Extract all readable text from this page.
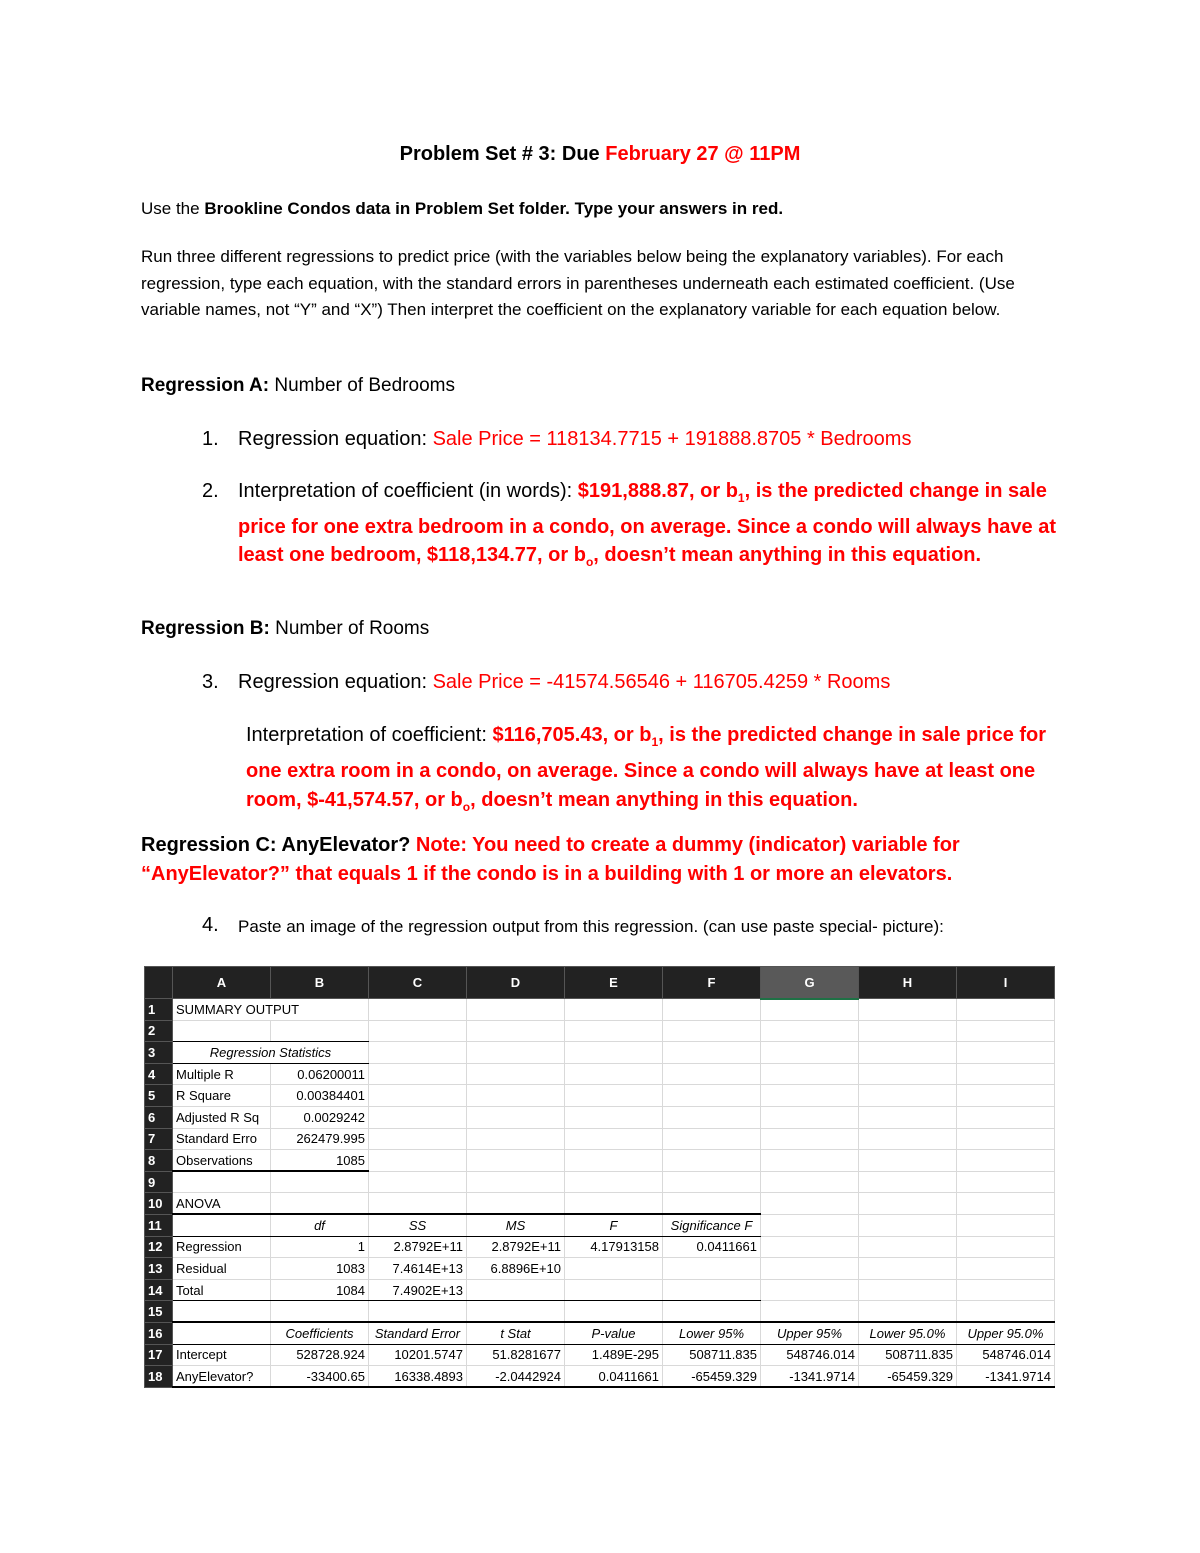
Problem Set # 3: Due February 27 @ 11PM
Use the Brookline Condos data in Problem Set folder. Type your answers in red.
Run three different regressions to predict price (with the variables below being the explanatory variables). For each regression, type each equation, with the standard errors in parentheses underneath each estimated coefficient. (Use variable names, not “Y” and “X”) Then interpret the coefficient on the explanatory variable for each equation below.
Regression A: Number of Bedrooms
1. Regression equation: Sale Price = 118134.7715 + 191888.8705 * Bedrooms
2. Interpretation of coefficient (in words): $191,888.87, or $b_1$, is the predicted change in sale price for one extra bedroom in a condo, on average. Since a condo will always have at least one bedroom, $118,134.77, or $b_o$, doesn’t mean anything in this equation.
Regression B: Number of Rooms
3. Regression equation: Sale Price = -41574.56546 + 116705.4259 * Rooms
Interpretation of coefficient: $116,705.43, or $b_1$, is the predicted change in sale price for one extra room in a condo, on average. Since a condo will always have at least one room, $-41,574.57, or $b_o$, doesn’t mean anything in this equation.
Regression C: AnyElevator? Note: You need to create a dummy (indicator) variable for “AnyElevator?” that equals 1 if the condo is in a building with 1 or more an elevators.
4. Paste an image of the regression output from this regression. (can use paste special- picture):
	A	B	C	D	E	F	G	H	I
1	SUMMARY OUTPUT								
2									
3	Regression Statistics								
4	Multiple R	0.06200011							
5	R Square	0.00384401							
6	Adjusted R Sq	0.0029242							
7	Standard Erro	262479.995							
8	Observations	1085							
9									
10	ANOVA								
11		df	SS	MS	F	Significance F			
12	Regression	1	2.8792E+11	2.8792E+11	4.17913158	0.0411661			
13	Residual	1083	7.4614E+13	6.8896E+10					
14	Total	1084	7.4902E+13						
15									
16		Coefficients	Standard Error	t Stat	P-value	Lower 95%	Upper 95%	Lower 95.0%	Upper 95.0%
17	Intercept	528728.924	10201.5747	51.8281677	1.489E-295	508711.835	548746.014	508711.835	548746.014
18	AnyElevator?	-33400.65	16338.4893	-2.0442924	0.0411661	-65459.329	-1341.9714	-65459.329	-1341.9714
